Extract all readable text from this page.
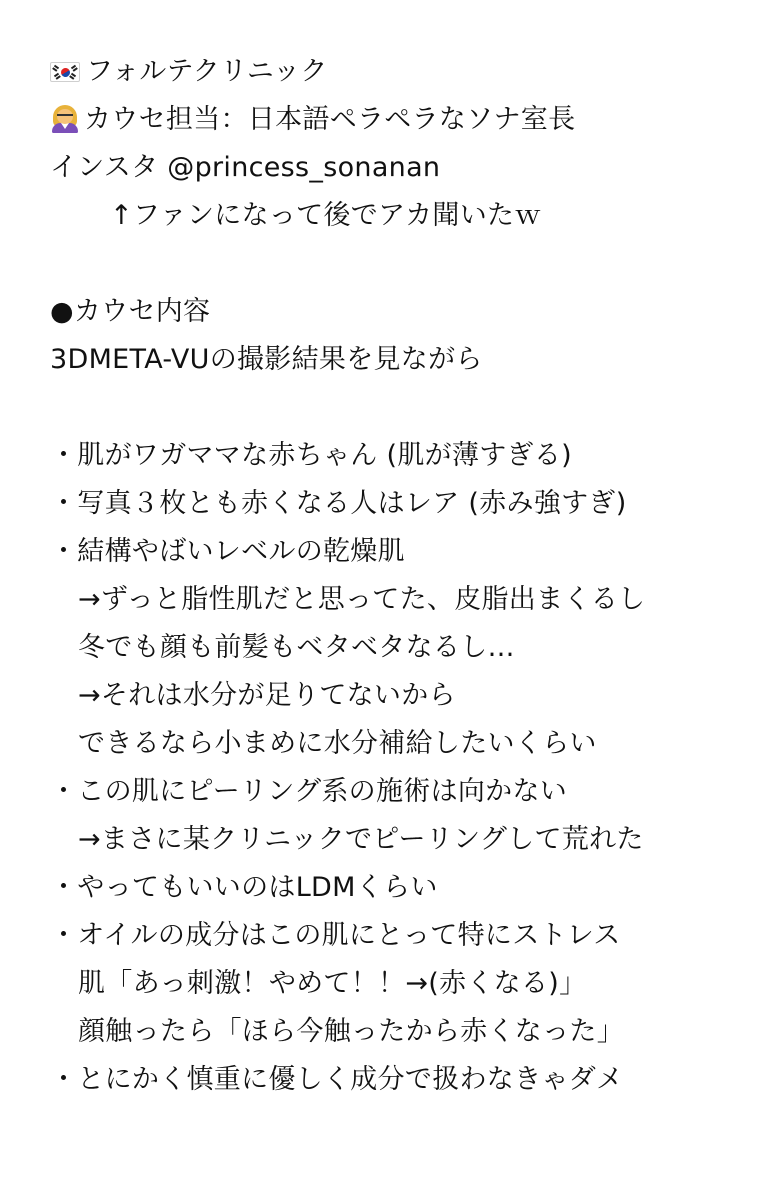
フォルテクリニック
カウセ担当：日本語ペラペラなソナ室長
インスタ @princess_sonanan
↑ファンになって後でアカ聞いたｗ
●カウセ内容
3DMETA-VUの撮影結果を見ながら
・肌がワガママな赤ちゃん (肌が薄すぎる)
・写真３枚とも赤くなる人はレア (赤み強すぎ)
・結構やばいレベルの乾燥肌
→ずっと脂性肌だと思ってた、皮脂出まくるし
冬でも顔も前髪もベタベタなるし…
→それは水分が足りてないから
できるなら小まめに水分補給したいくらい
・この肌にピーリング系の施術は向かない
→まさに某クリニックでピーリングして荒れた
・やってもいいのはLDMくらい
・オイルの成分はこの肌にとって特にストレス
肌「あっ刺激！やめて！！→(赤くなる)」
顔触ったら「ほら今触ったから赤くなった」
・とにかく慎重に優しく成分で扱わなきゃダメ
